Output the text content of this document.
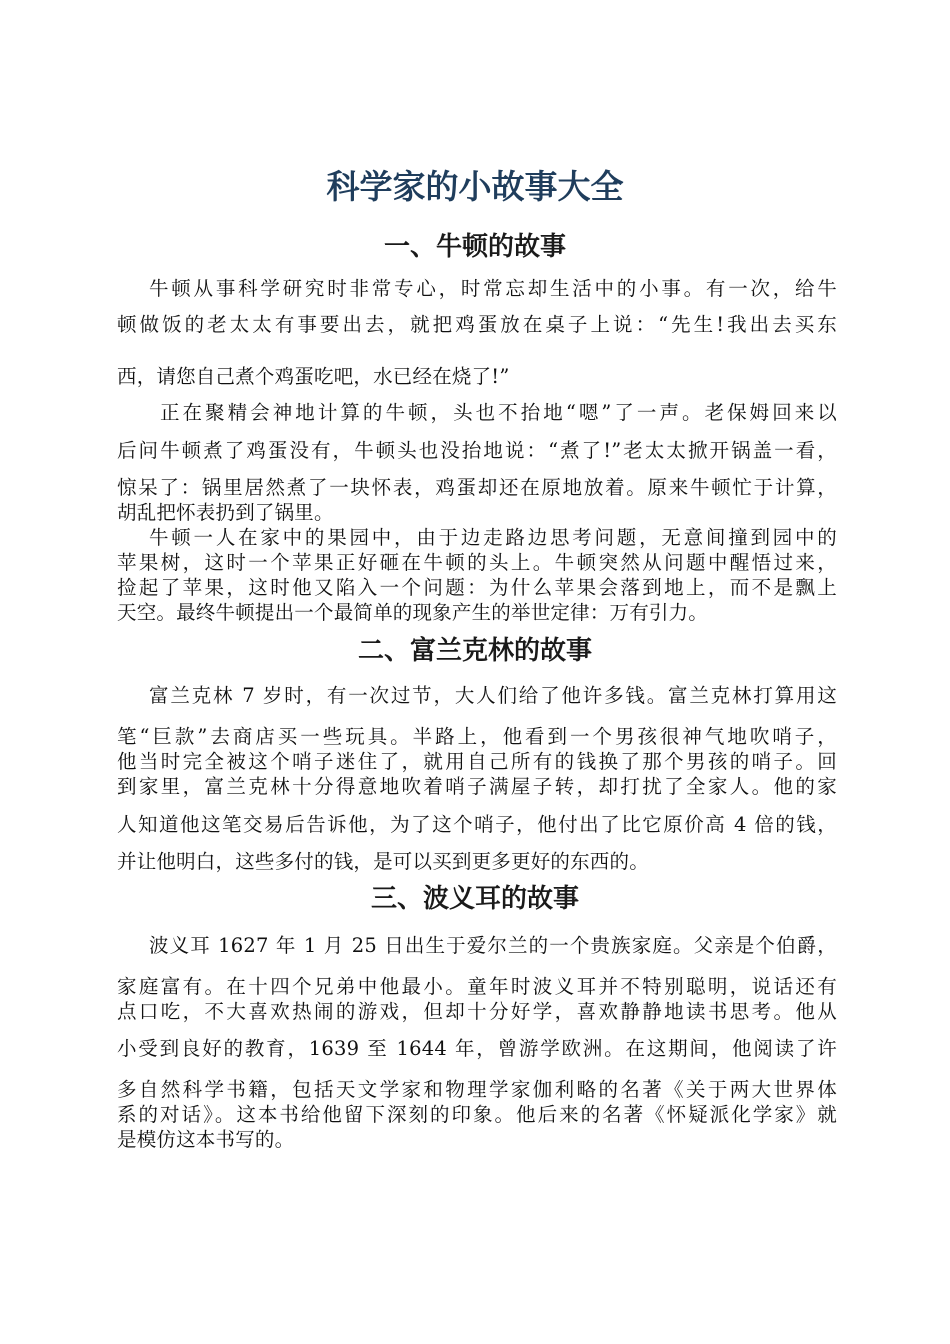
科学家的小故事大全
一、牛顿的故事
牛顿从事科学研究时非常专心，时常忘却生活中的小事。有一次，给牛
顿做饭的老太太有事要出去，就把鸡蛋放在桌子上说：“先生!我出去买东
西，请您自己煮个鸡蛋吃吧，水已经在烧了!”
正在聚精会神地计算的牛顿，头也不抬地“嗯”了一声。老保姆回来以
后问牛顿煮了鸡蛋没有，牛顿头也没抬地说：“煮了!”老太太掀开锅盖一看，
惊呆了：锅里居然煮了一块怀表，鸡蛋却还在原地放着。原来牛顿忙于计算，
胡乱把怀表扔到了锅里。
牛顿一人在家中的果园中，由于边走路边思考问题，无意间撞到园中的
苹果树，这时一个苹果正好砸在牛顿的头上。牛顿突然从问题中醒悟过来，
捡起了苹果，这时他又陷入一个问题：为什么苹果会落到地上，而不是飘上
天空。最终牛顿提出一个最简单的现象产生的举世定律：万有引力。
二、富兰克林的故事
富兰克林 7 岁时，有一次过节，大人们给了他许多钱。富兰克林打算用这
笔“巨款”去商店买一些玩具。半路上，他看到一个男孩很神气地吹哨子，
他当时完全被这个哨子迷住了，就用自己所有的钱换了那个男孩的哨子。回
到家里，富兰克林十分得意地吹着哨子满屋子转，却打扰了全家人。他的家
人知道他这笔交易后告诉他，为了这个哨子，他付出了比它原价高 4 倍的钱，
并让他明白，这些多付的钱，是可以买到更多更好的东西的。
三、波义耳的故事
波义耳 1627 年 1 月 25 日出生于爱尔兰的一个贵族家庭。父亲是个伯爵，
家庭富有。在十四个兄弟中他最小。童年时波义耳并不特别聪明，说话还有
点口吃，不大喜欢热闹的游戏，但却十分好学，喜欢静静地读书思考。他从
小受到良好的教育，1639 至 1644 年，曾游学欧洲。在这期间，他阅读了许
多自然科学书籍，包括天文学家和物理学家伽利略的名著《关于两大世界体
系的对话》。这本书给他留下深刻的印象。他后来的名著《怀疑派化学家》就
是模仿这本书写的。
